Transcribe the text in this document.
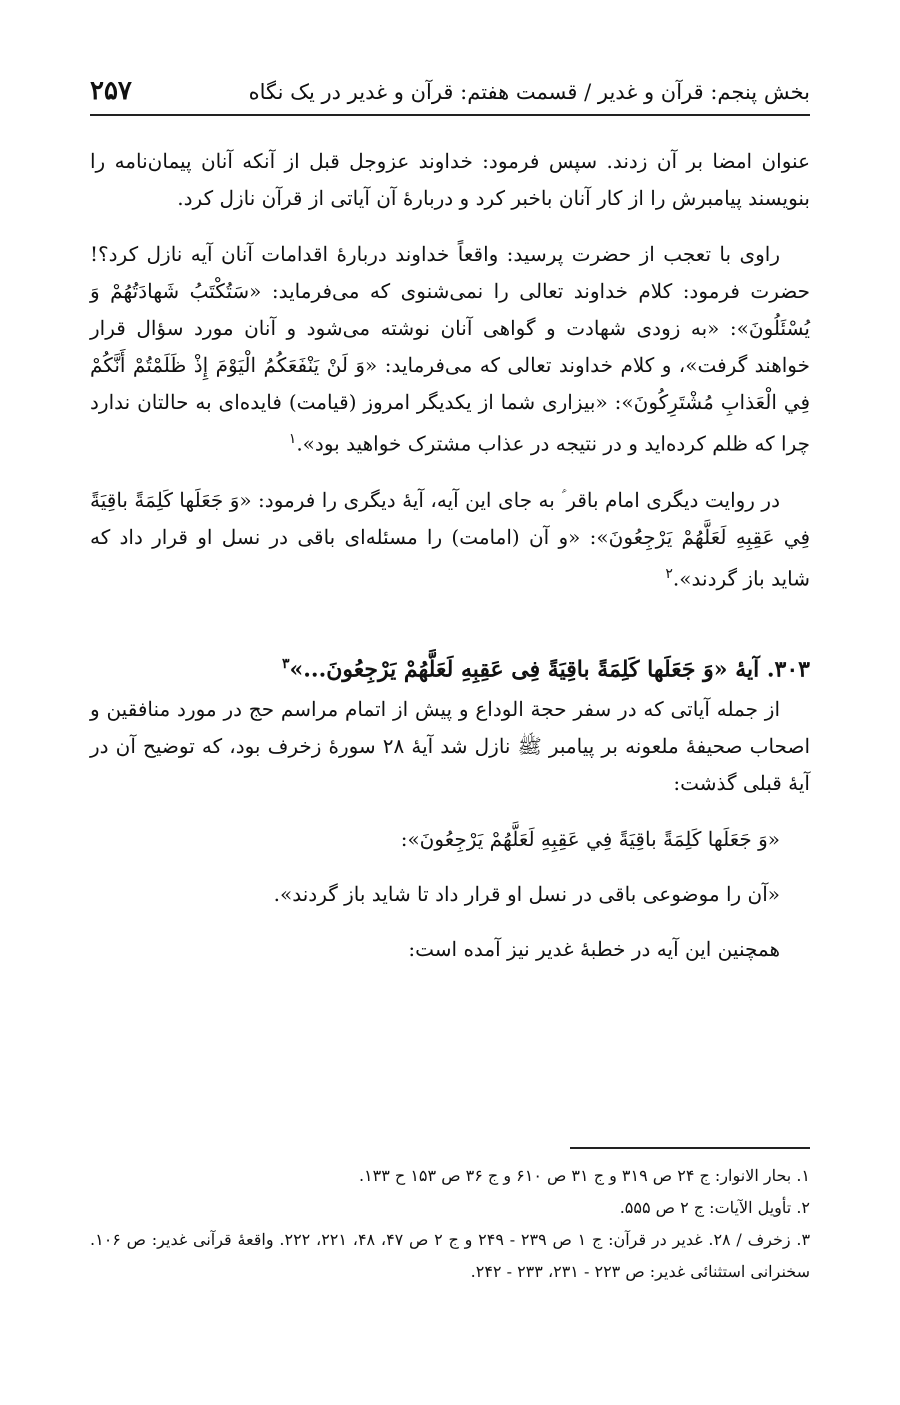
بخش پنجم: قرآن و غدیر / قسمت هفتم: قرآن و غدیر در یک نگاه
۲۵۷

عنوان امضا بر آن زدند. سپس فرمود: خداوند عزوجل قبل از آنکه آنان پیمان‌نامه را بنویسند پیامبرش را از کار آنان باخبر کرد و دربارۀ آن آیاتی از قرآن نازل کرد.

راوی با تعجب از حضرت پرسید: واقعاً خداوند دربارۀ اقدامات آنان آیه نازل کرد؟! حضرت فرمود: کلام خداوند تعالی را نمی‌شنوی که می‌فرماید: «سَتُكْتَبُ شَهادَتُهُمْ وَ يُسْئَلُونَ»: «به زودی شهادت و گواهی آنان نوشته می‌شود و آنان مورد سؤال قرار خواهند گرفت»، و کلام خداوند تعالی که می‌فرماید: «وَ لَنْ يَنْفَعَكُمُ الْيَوْمَ إِذْ ظَلَمْتُمْ أَنَّكُمْ فِي الْعَذابِ مُشْتَرِكُونَ»: «بیزاری شما از یکدیگر امروز (قیامت) فایده‌ای به حالتان ندارد چرا که ظلم کرده‌اید و در نتیجه در عذاب مشترک خواهید بود».$^۱$

در روایت دیگری امام باقر ؑ به جای این آیه، آیۀ دیگری را فرمود: «وَ جَعَلَها كَلِمَةً باقِيَةً فِي عَقِبِهِ لَعَلَّهُمْ يَرْجِعُونَ»: «و آن (امامت) را مسئله‌ای باقی در نسل او قرار داد که شاید باز گردند».$^۲$

۳۰۳. آیۀ «وَ جَعَلَها كَلِمَةً باقِيَةً فِی عَقِبِهِ لَعَلَّهُمْ يَرْجِعُونَ...»$^۳$

از جمله آیاتی که در سفر حجة الوداع و پیش از اتمام مراسم حج در مورد منافقین و اصحاب صحیفۀ ملعونه بر پیامبر ﷺ نازل شد آیۀ ۲۸ سورۀ زخرف بود، که توضیح آن در آیۀ قبلی گذشت:

«وَ جَعَلَها كَلِمَةً باقِيَةً فِي عَقِبِهِ لَعَلَّهُمْ يَرْجِعُونَ»:

«آن را موضوعی باقی در نسل او قرار داد تا شاید باز گردند».

همچنین این آیه در خطبۀ غدیر نیز آمده است:

۱. بحار الانوار: ج ۲۴ ص ۳۱۹ و ج ۳۱ ص ۶۱۰ و ج ۳۶ ص ۱۵۳ ح ۱۳۳.
۲. تأویل الآیات: ج ۲ ص ۵۵۵.
۳. زخرف / ۲۸. غدیر در قرآن: ج ۱ ص ۲۳۹ - ۲۴۹ و ج ۲ ص ۴۷، ۴۸، ۲۲۱، ۲۲۲. واقعۀ قرآنی غدیر: ص ۱۰۶. سخنرانی استثنائی غدیر: ص ۲۲۳ - ۲۳۱، ۲۳۳ - ۲۴۲.
